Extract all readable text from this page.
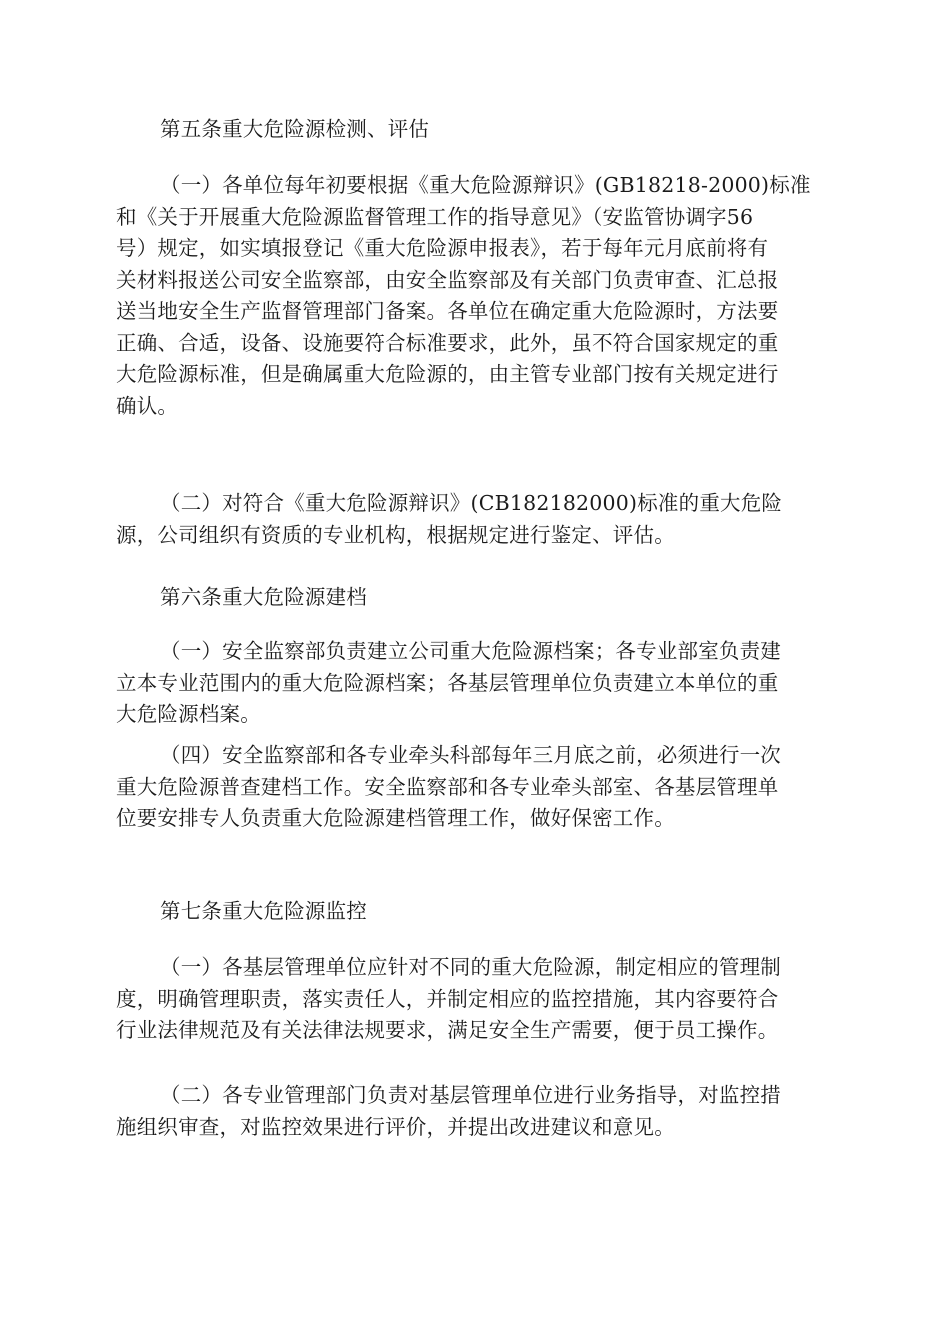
第五条重大危险源检测、评估
（一）各单位每年初要根据《重大危险源辩识》(GB18218-2000)标准
和《关于开展重大危险源监督管理工作的指导意见》（安监管协调字56
号）规定，如实填报登记《重大危险源申报表》，若于每年元月底前将有
关材料报送公司安全监察部，由安全监察部及有关部门负责审查、汇总报
送当地安全生产监督管理部门备案。各单位在确定重大危险源时，方法要
正确、合适，设备、设施要符合标准要求，此外，虽不符合国家规定的重
大危险源标准，但是确属重大危险源的，由主管专业部门按有关规定进行
确认。
（二）对符合《重大危险源辩识》(CB182182000)标准的重大危险
源，公司组织有资质的专业机构，根据规定进行鉴定、评估。
第六条重大危险源建档
（一）安全监察部负责建立公司重大危险源档案；各专业部室负责建
立本专业范围内的重大危险源档案；各基层管理单位负责建立本单位的重
大危险源档案。
（四）安全监察部和各专业牵头科部每年三月底之前，必须进行一次
重大危险源普查建档工作。安全监察部和各专业牵头部室、各基层管理单
位要安排专人负责重大危险源建档管理工作，做好保密工作。
第七条重大危险源监控
（一）各基层管理单位应针对不同的重大危险源，制定相应的管理制
度，明确管理职责，落实责任人，并制定相应的监控措施，其内容要符合
行业法律规范及有关法律法规要求，满足安全生产需要，便于员工操作。
（二）各专业管理部门负责对基层管理单位进行业务指导，对监控措
施组织审查，对监控效果进行评价，并提出改进建议和意见。
